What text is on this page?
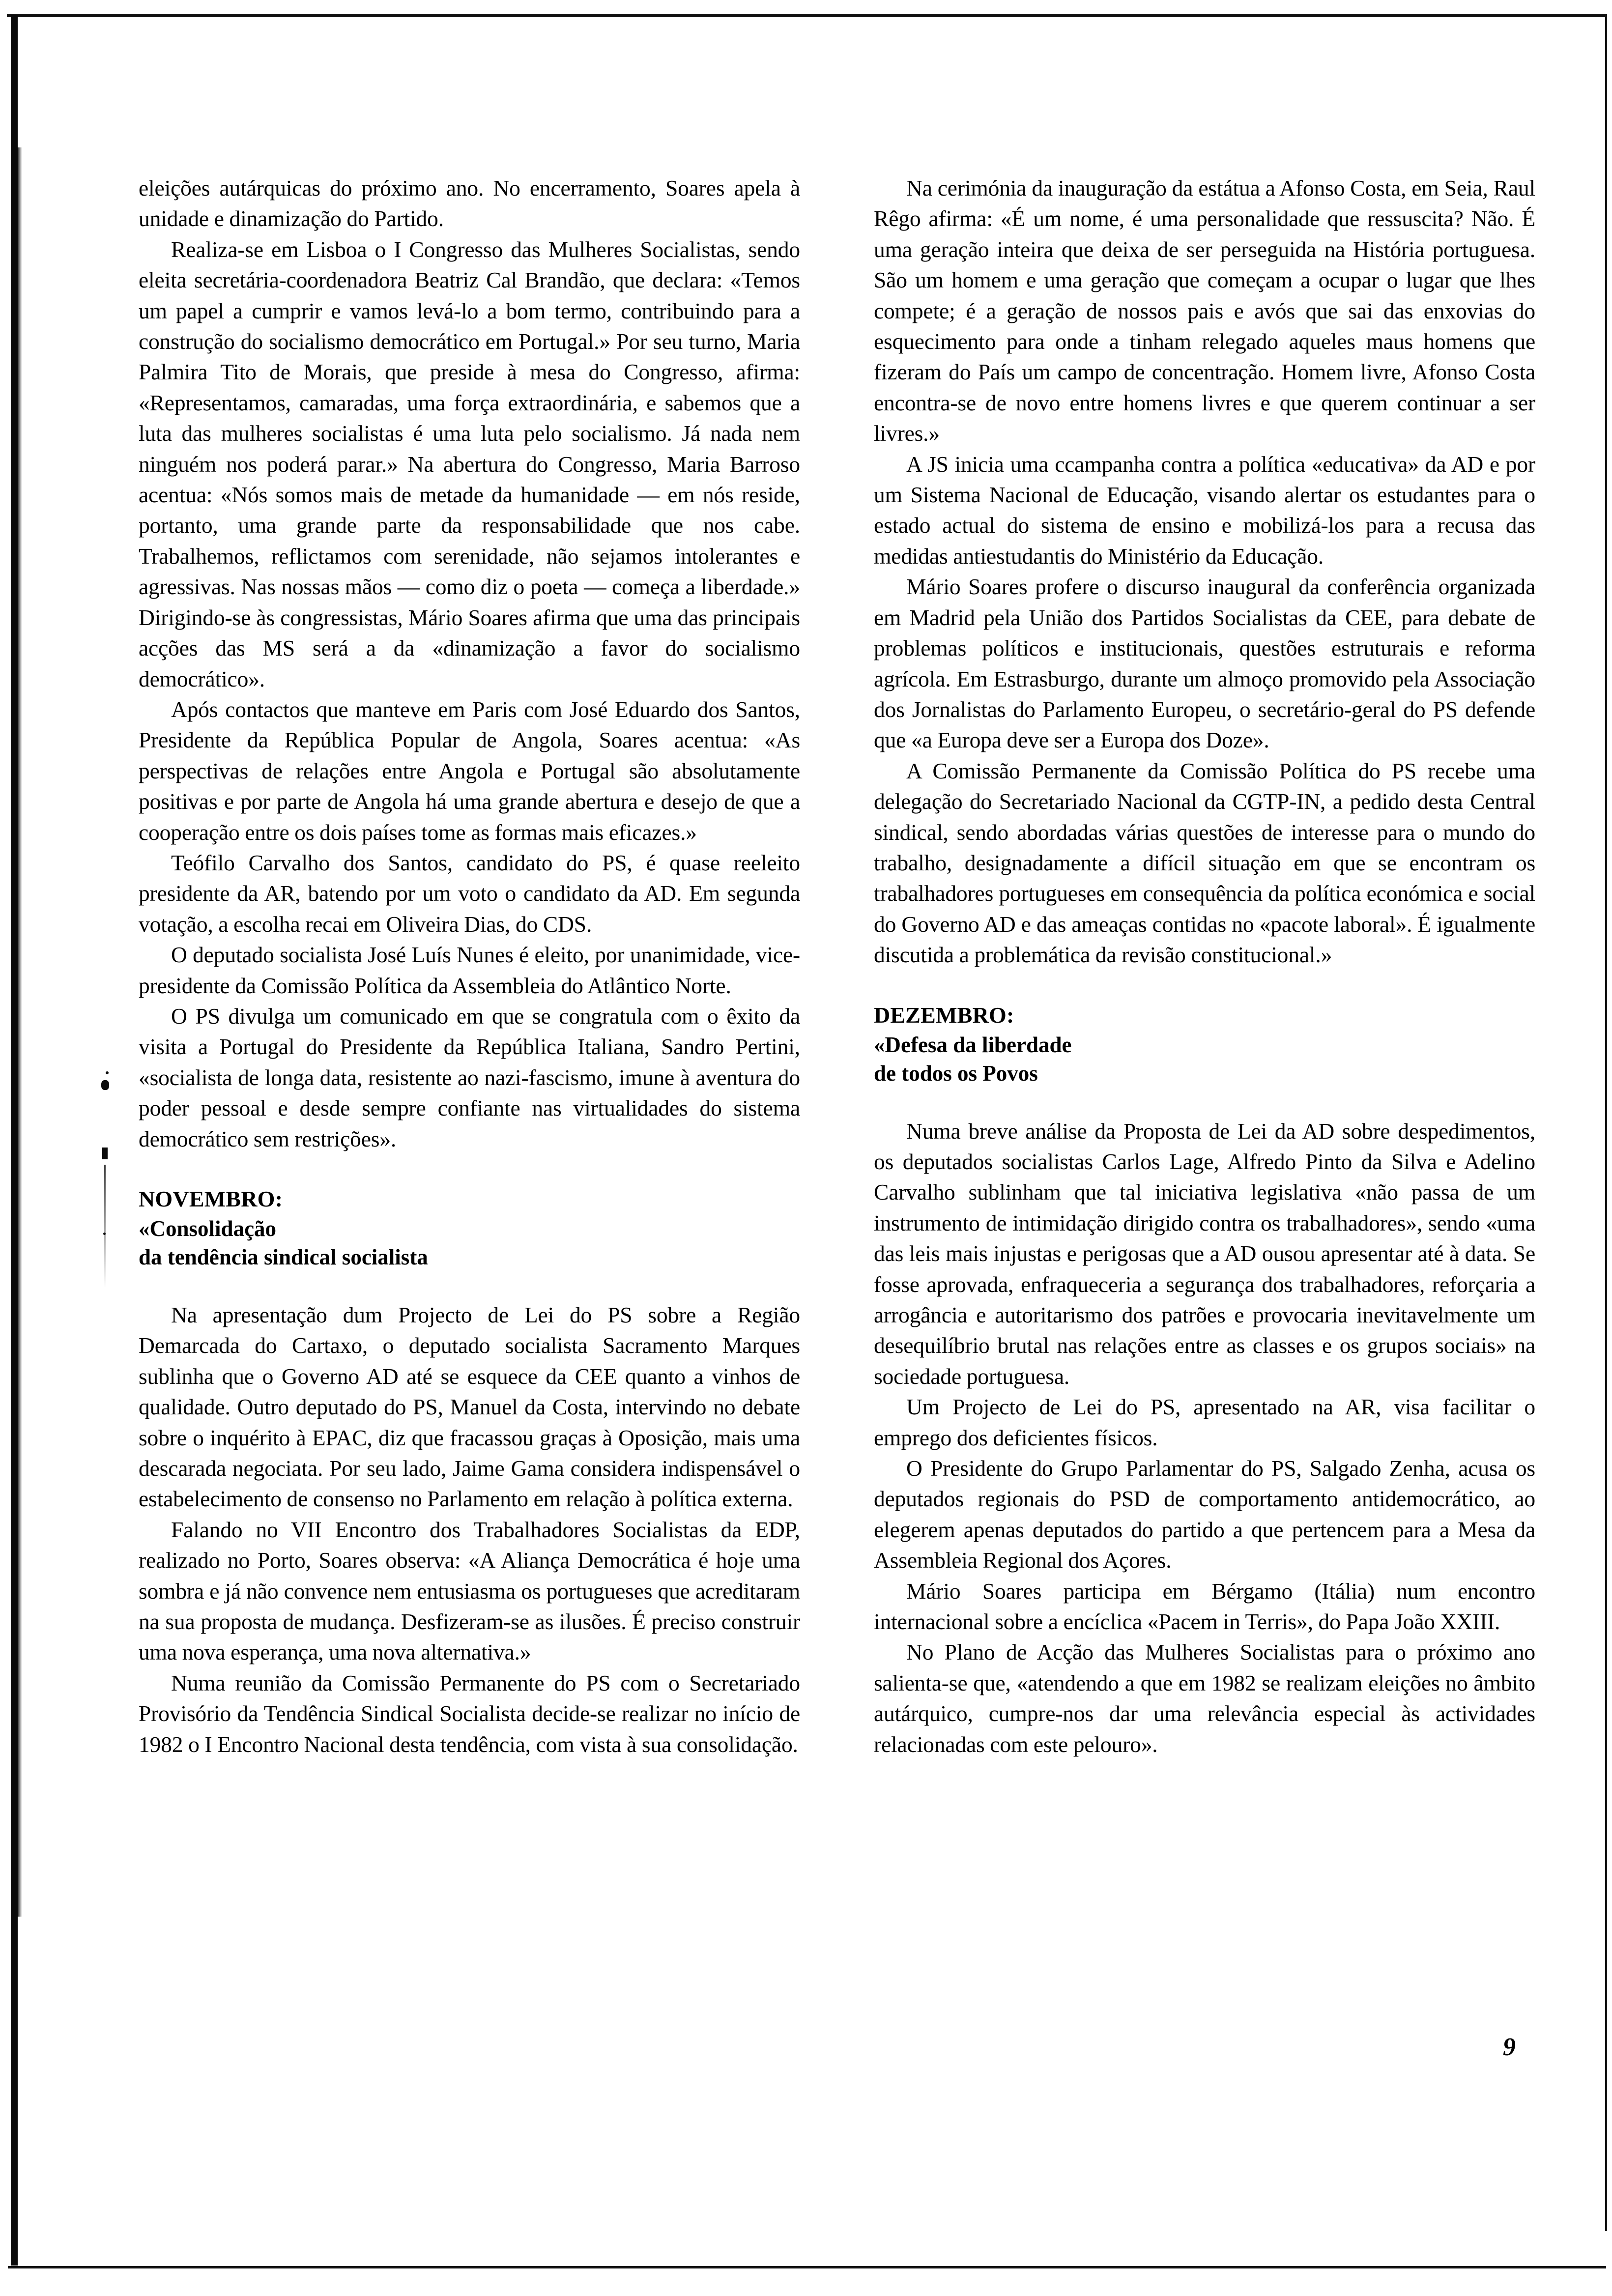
eleições autárquicas do próximo ano. No encerramento, Soares apela à unidade e dinamização do Partido.

Realiza-se em Lisboa o I Congresso das Mulheres Socialistas, sendo eleita secretária-coordenadora Beatriz Cal Brandão, que declara: «Temos um papel a cumprir e vamos levá-lo a bom termo, contribuindo para a construção do socialismo democrático em Portugal.» Por seu turno, Maria Palmira Tito de Morais, que preside à mesa do Congresso, afirma: «Representamos, camaradas, uma força extraordinária, e sabemos que a luta das mulheres socialistas é uma luta pelo socialismo. Já nada nem ninguém nos poderá parar.» Na abertura do Congresso, Maria Barroso acentua: «Nós somos mais de metade da humanidade — em nós reside, portanto, uma grande parte da responsabilidade que nos cabe. Trabalhemos, reflictamos com serenidade, não sejamos intolerantes e agressivas. Nas nossas mãos — como diz o poeta — começa a liberdade.» Dirigindo-se às congressistas, Mário Soares afirma que uma das principais acções das MS será a da «dinamização a favor do socialismo democrático».

Após contactos que manteve em Paris com José Eduardo dos Santos, Presidente da República Popular de Angola, Soares acentua: «As perspectivas de relações entre Angola e Portugal são absolutamente positivas e por parte de Angola há uma grande abertura e desejo de que a cooperação entre os dois países tome as formas mais eficazes.»

Teófilo Carvalho dos Santos, candidato do PS, é quase reeleito presidente da AR, batendo por um voto o candidato da AD. Em segunda votação, a escolha recai em Oliveira Dias, do CDS.

O deputado socialista José Luís Nunes é eleito, por unanimidade, vice-presidente da Comissão Política da Assembleia do Atlântico Norte.

O PS divulga um comunicado em que se congratula com o êxito da visita a Portugal do Presidente da República Italiana, Sandro Pertini, «socialista de longa data, resistente ao nazi-fascismo, imune à aventura do poder pessoal e desde sempre confiante nas virtualidades do sistema democrático sem restrições».

NOVEMBRO:

«Consolidação

da tendência sindical socialista

Na apresentação dum Projecto de Lei do PS sobre a Região Demarcada do Cartaxo, o deputado socialista Sacramento Marques sublinha que o Governo AD até se esquece da CEE quanto a vinhos de qualidade. Outro deputado do PS, Manuel da Costa, intervindo no debate sobre o inquérito à EPAC, diz que fracassou graças à Oposição, mais uma descarada negociata. Por seu lado, Jaime Gama considera indispensável o estabelecimento de consenso no Parlamento em relação à política externa.

Falando no VII Encontro dos Trabalhadores Socialistas da EDP, realizado no Porto, Soares observa: «A Aliança Democrática é hoje uma sombra e já não convence nem entusiasma os portugueses que acreditaram na sua proposta de mudança. Desfizeram-se as ilusões. É preciso construir uma nova esperança, uma nova alternativa.»

Numa reunião da Comissão Permanente do PS com o Secretariado Provisório da Tendência Sindical Socialista decide-se realizar no início de 1982 o I Encontro Nacional desta tendência, com vista à sua consolidação.

Na cerimónia da inauguração da estátua a Afonso Costa, em Seia, Raul Rêgo afirma: «É um nome, é uma personalidade que ressuscita? Não. É uma geração inteira que deixa de ser perseguida na História portuguesa. São um homem e uma geração que começam a ocupar o lugar que lhes compete; é a geração de nossos pais e avós que sai das enxovias do esquecimento para onde a tinham relegado aqueles maus homens que fizeram do País um campo de concentração. Homem livre, Afonso Costa encontra-se de novo entre homens livres e que querem continuar a ser livres.»

A JS inicia uma ccampanha contra a política «educativa» da AD e por um Sistema Nacional de Educação, visando alertar os estudantes para o estado actual do sistema de ensino e mobilizá-los para a recusa das medidas antiestudantis do Ministério da Educação.

Mário Soares profere o discurso inaugural da conferência organizada em Madrid pela União dos Partidos Socialistas da CEE, para debate de problemas políticos e institucionais, questões estruturais e reforma agrícola. Em Estrasburgo, durante um almoço promovido pela Associação dos Jornalistas do Parlamento Europeu, o secretário-geral do PS defende que «a Europa deve ser a Europa dos Doze».

A Comissão Permanente da Comissão Política do PS recebe uma delegação do Secretariado Nacional da CGTP-IN, a pedido desta Central sindical, sendo abordadas várias questões de interesse para o mundo do trabalho, designadamente a difícil situação em que se encontram os trabalhadores portugueses em consequência da política económica e social do Governo AD e das ameaças contidas no «pacote laboral». É igualmente discutida a problemática da revisão constitucional.»

DEZEMBRO:

«Defesa da liberdade

de todos os Povos

Numa breve análise da Proposta de Lei da AD sobre despedimentos, os deputados socialistas Carlos Lage, Alfredo Pinto da Silva e Adelino Carvalho sublinham que tal iniciativa legislativa «não passa de um instrumento de intimidação dirigido contra os trabalhadores», sendo «uma das leis mais injustas e perigosas que a AD ousou apresentar até à data. Se fosse aprovada, enfraqueceria a segurança dos trabalhadores, reforçaria a arrogância e autoritarismo dos patrões e provocaria inevitavelmente um desequilíbrio brutal nas relações entre as classes e os grupos sociais» na sociedade portuguesa.

Um Projecto de Lei do PS, apresentado na AR, visa facilitar o emprego dos deficientes físicos.

O Presidente do Grupo Parlamentar do PS, Salgado Zenha, acusa os deputados regionais do PSD de comportamento antidemocrático, ao elegerem apenas deputados do partido a que pertencem para a Mesa da Assembleia Regional dos Açores.

Mário Soares participa em Bérgamo (Itália) num encontro internacional sobre a encíclica «Pacem in Terris», do Papa João XXIII.

No Plano de Acção das Mulheres Socialistas para o próximo ano salienta-se que, «atendendo a que em 1982 se realizam eleições no âmbito autárquico, cumpre-nos dar uma relevância especial às actividades relacionadas com este pelouro».

9
